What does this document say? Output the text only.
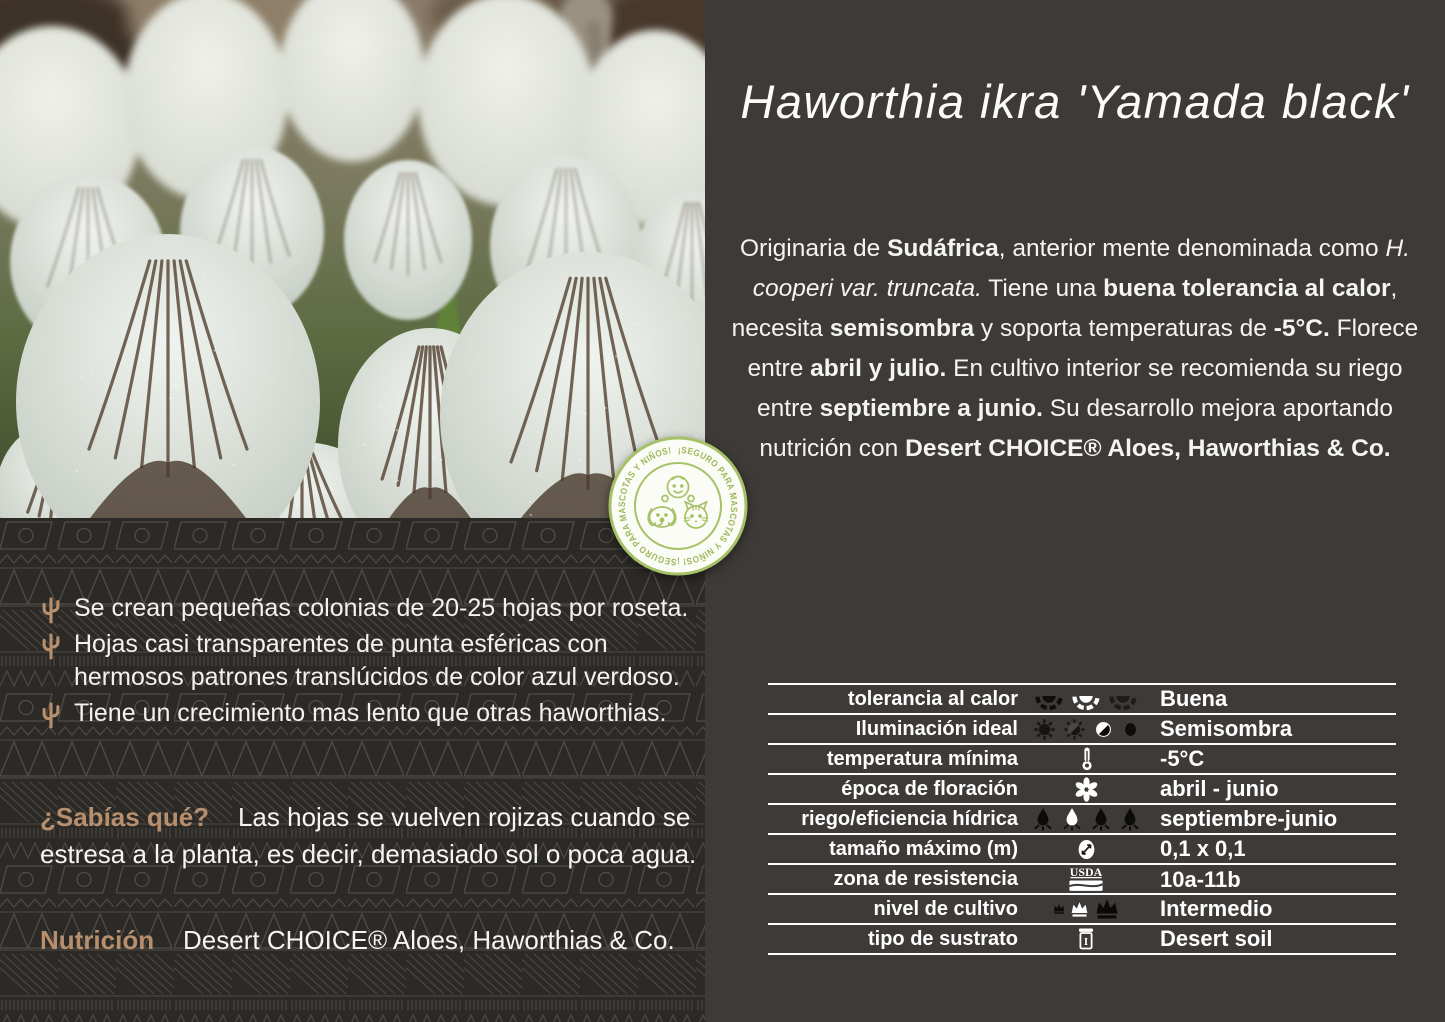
¡SEGURO PARA MASCOTAS Y NIÑOS! ¡SEGURO PARA MASCOTAS Y NIÑOS!
Haworthia ikra 'Yamada black'
Originaria de Sudáfrica, anterior mente denominada como H. cooperi var. truncata. Tiene una buena tolerancia al calor, necesita semisombra y soporta temperaturas de -5°C. Florece entre abril y julio. En cultivo interior se recomienda su riego entre septiembre a junio. Su desarrollo mejora aportando nutrición con Desert CHOICE® Aloes, Haworthias & Co.
Se crean pequeñas colonias de 20-25 hojas por roseta.
Hojas casi transparentes de punta esféricas con hermosos patrones translúcidos de color azul verdoso.
Tiene un crecimiento mas lento que otras haworthias.
¿Sabías qué? Las hojas se vuelven rojizas cuando se estresa a la planta, es decir, demasiado sol o poca agua.
Nutrición Desert CHOICE® Aloes, Haworthias & Co.
tolerancia al calor	Buena
Iluminación ideal	Semisombra
temperatura mínima	-5°C
época de floración	abril - junio
riego/eficiencia hídrica	septiembre-junio
tamaño máximo (m)	0,1 x 0,1
zona de resistencia	USDA	10a-11b
nivel de cultivo	Intermedio
tipo de sustrato	I	Desert soil
